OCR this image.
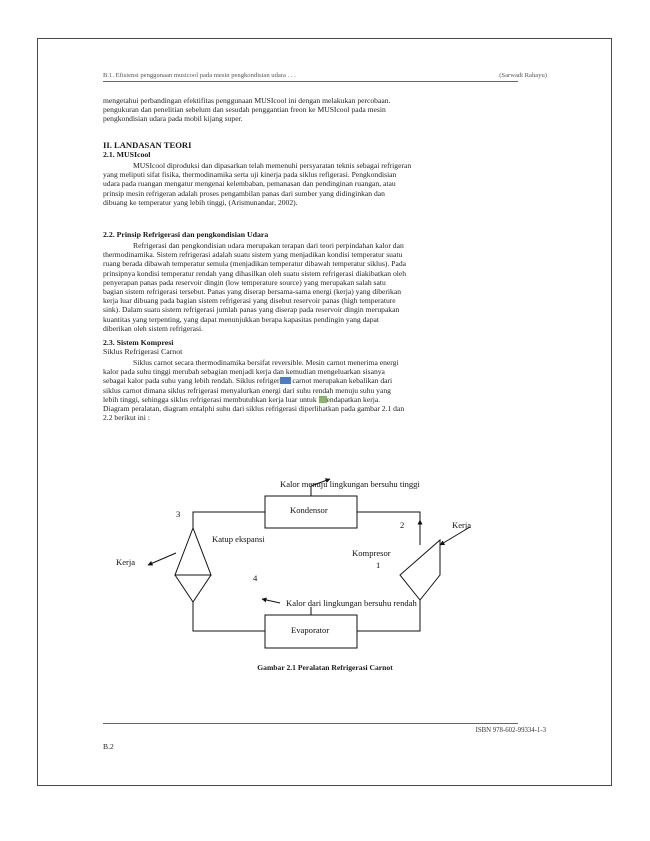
B.1. Efisiensi penggunaan musicool pada mesin pengkondisian udara . . .	(Sarwadi Rahayu)

mengetahui perbandingan efektifitas penggunaan MUSIcool ini dengan melakukan percobaan.

pengukuran dan penelitian sebelum dan sesudah penggantian freon ke MUSIcool pada mesin

pengkondisian udara pada mobil kijang super.

II. LANDASAN TEORI
2.1. MUSIcool

MUSIcool diproduksi dan dipasarkan telah memenuhi persyaratan teknis sebagai refrigeran

yang meliputi sifat fisika, thermodinamika serta uji kinerja pada siklus refigerasi. Pengkondisian

udara pada ruangan mengatur mengenai kelembaban, pemanasan dan pendinginan ruangan, atau

prinsip mesin refrigeran adalah proses pengambilan panas dari sumber yang didinginkan dan

dibuang ke temperatur yang lebih tinggi, (Arismunandar, 2002).

2.2. Prinsip Refrigerasi dan pengkondisian Udara

Refrigerasi dan pengkondisian udara merupakan terapan dari teori perpindahan kalor dan

thermodinamika. Sistem refrigerasi adalah suatu sistem yang menjadikan kondisi temperatur suatu

ruang berada dibawah temperatur semula (menjadikan temperatur dibawah temperatur siklus). Pada

prinsipnya kondisi temperatur rendah yang dihasilkan oleh suatu sistem refrigerasi diakibatkan oleh

penyerapan panas pada reservoir dingin (low temperature source) yang merupakan salah satu

bagian sistem refrigerasi tersebut. Panas yang diserap bersama-sama energi (kerja) yang diberikan

kerja luar dibuang pada bagian sistem refrigerasi yang disebut reservoir panas (high temperature

sink). Dalam suatu sistem refrigerasi jumlah panas yang diserap pada reservoir dingin merupakan

kuantitas yang terpenting, yang dapat menunjukkan berapa kapasitas pendingin yang dapat

diberikan oleh sistem refrigerasi.

2.3. Sistem Kompresi
Siklus Refrigerasi Carnot

Siklus carnot secara thermodinamika bersifat reversible. Mesin carnot menerima energi

kalor pada suhu tinggi merubah sebagian menjadi kerja dan kemudian mengeluarkan sisanya

sebagai kalor pada suhu yang lebih rendah. Siklus refriger carnot merupakan kebalikan dari

siklus carnot dimana siklus refrigerasi menyalurkan energi dari suhu rendah menuju suhu yang

lebih tinggi, sehingga siklus refrigerasi membutuhkan kerja luar untuk endapatkan kerja.

Diagram peralatan, diagram entalphi suhu dari siklus refrigerasi diperlihatkan pada gambar 2.1 dan

2.2 berikut ini :

Kalor menuju lingkungan bersuhu tinggi
Kondensor
Evaporator
Kalor dari lingkungan bersuhu rendah
Katup ekspansi
Kompresor
Kerja
Kerja
1
2
3
4
Gambar 2.1 Peralatan Refrigerasi Carnot
ISBN 978-602-99334-1-3
B.2
